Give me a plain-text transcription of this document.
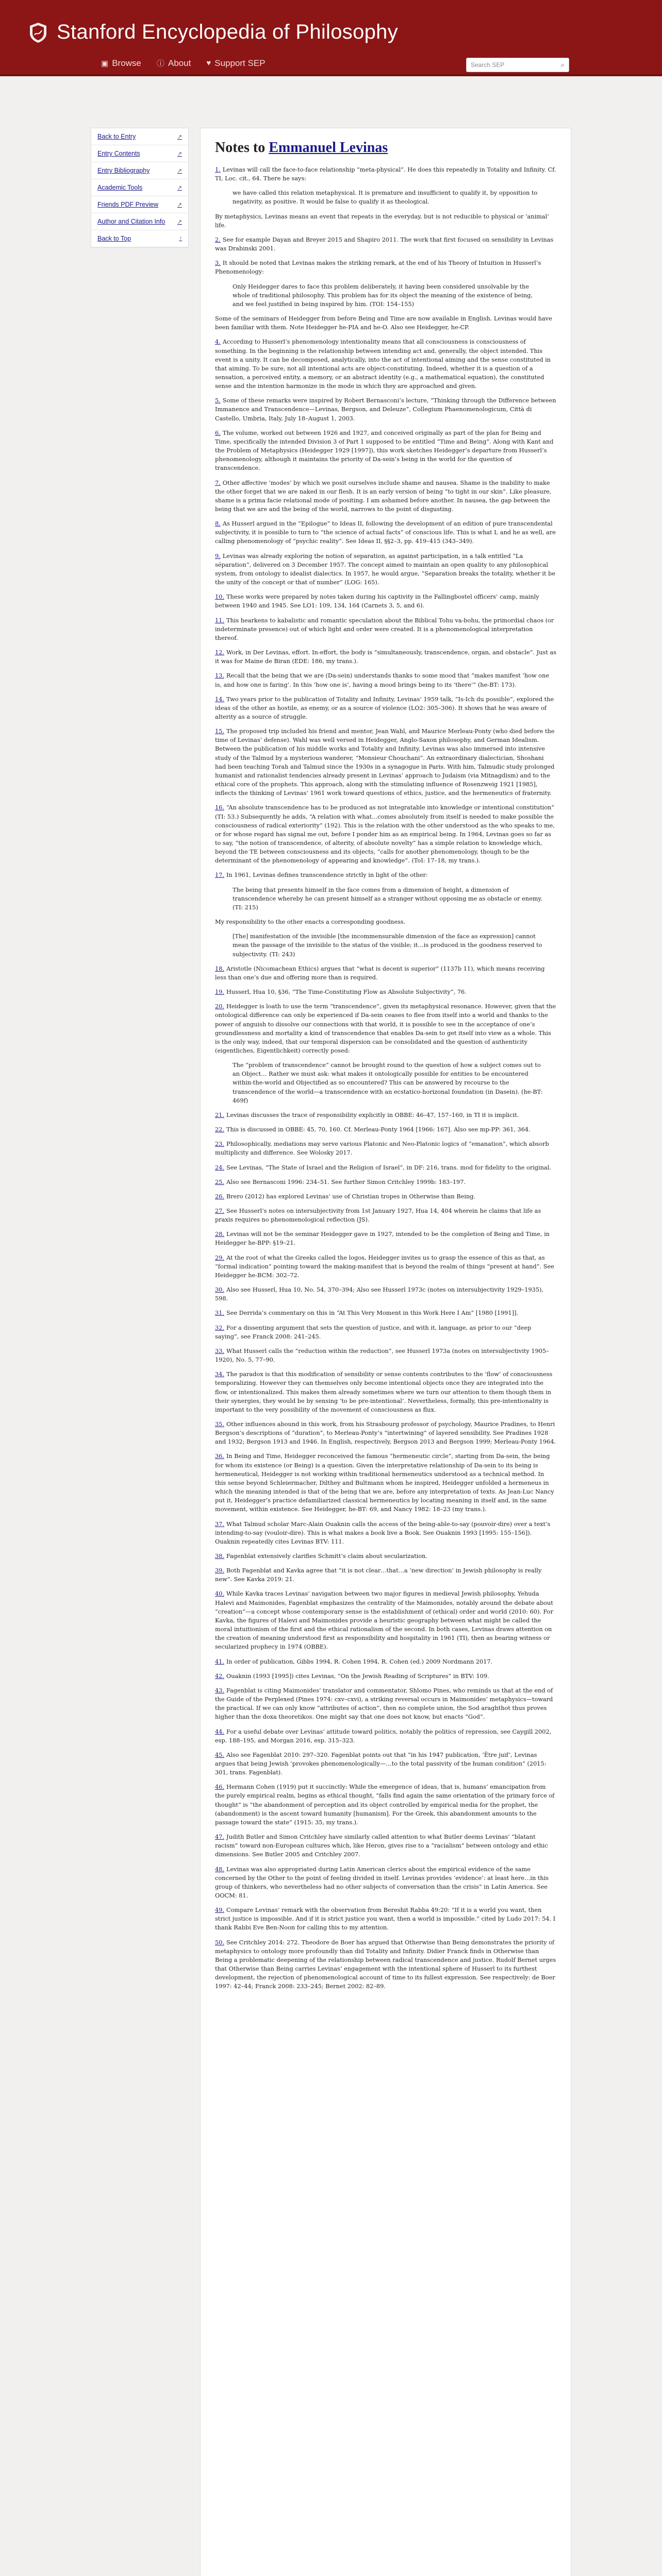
Stanford Encyclopedia of Philosophy
▣ Browse ⓘ About ♥ Support SEP	Search SEP	⌕
Back to Entry	↗
Entry Contents	↗
Entry Bibliography	↗
Academic Tools	↗
Friends PDF Preview	↗
Author and Citation Info ↗
Back to Top	↑
Notes to Emmanuel Levinas

1. Levinas will call the face-to-face relationship “meta-physical”. He does this repeatedly in Totality and Infinity. Cf. TI, Loc. cit., 64. There he says:

we have called this relation metaphysical. It is premature and insufficient to qualify it, by opposition to negativity, as positive. It would be false to qualify it as theological.

By metaphysics, Levinas means an event that repeats in the everyday, but is not reducible to physical or ‘animal’ life.

2. See for example Dayan and Breyer 2015 and Shapiro 2011. The work that first focused on sensibility in Levinas was Drabinski 2001.

3. It should be noted that Levinas makes the striking remark, at the end of his Theory of Intuition in Husserl’s Phenomenology:

Only Heidegger dares to face this problem deliberately, it having been considered unsolvable by the whole of traditional philosophy. This problem has for its object the meaning of the existence of being, and we feel justified in being inspired by him. (TOI: 154–155)

Some of the seminars of Heidegger from before Being and Time are now available in English. Levinas would have been familiar with them. Note Heidegger he-PIA and he-O. Also see Heidegger, he-CP.

4. According to Husserl’s phenomenology intentionality means that all consciousness is consciousness of something. In the beginning is the relationship between intending act and, generally, the object intended. This event is a unity. It can be decomposed, analytically, into the act of intentional aiming and the sense constituted in that aiming. To be sure, not all intentional acts are object-constituting. Indeed, whether it is a question of a sensation, a perceived entity, a memory, or an abstract identity (e.g., a mathematical equation), the constituted sense and the intention harmonize in the mode in which they are approached and given.

5. Some of these remarks were inspired by Robert Bernasconi’s lecture, “Thinking through the Difference between Immanence and Transcendence—Levinas, Bergson, and Deleuze”, Collegium Phaenomenologicum, Città di Castello, Umbria, Italy, July 18–August 1, 2003.

6. The volume, worked out between 1926 and 1927, and conceived originally as part of the plan for Being and Time, specifically the intended Division 3 of Part 1 supposed to be entitled “Time and Being”. Along with Kant and the Problem of Metaphysics (Heidegger 1929 [1997]), this work sketches Heidegger’s departure from Husserl’s phenomenology, although it maintains the priority of Da-sein’s being in the world for the question of transcendence.

7. Other affective ‘modes’ by which we posit ourselves include shame and nausea. Shame is the inability to make the other forget that we are naked in our flesh. It is an early version of being “to tight in our skin”. Like pleasure, shame is a prima facie relational mode of positing. I am ashamed before another. In nausea, the gap between the being that we are and the being of the world, narrows to the point of disgusting.

8. As Husserl argued in the “Epilogue” to Ideas II, following the development of an edition of pure transcendental subjectivity, it is possible to turn to “the science of actual facts” of conscious life. This is what I, and he as well, are calling phenomenology of “psychic reality”. See Ideas II, §§2–3, pp. 419–415 (343–349).

9. Levinas was already exploring the notion of separation, as against participation, in a talk entitled “La séparation”, delivered on 3 December 1957. The concept aimed to maintain an open quality to any philosophical system, from ontology to idealist dialectics. In 1957, he would argue, “Separation breaks the totality, whether it be the unity of the concept or that of number” (LOG: 165).

10. These works were prepared by notes taken during his captivity in the Fallingbostel officers’ camp, mainly between 1940 and 1945. See LO1: 109, 134, 164 (Carnets 3, 5, and 6).

11. This hearkens to kabalistic and romantic speculation about the Biblical Tohu va-bohu, the primordial chaos (or indeterminate presence) out of which light and order were created. It is a phenomenological interpretation thereof.

12. Work, in Der Levinas, effort. In-effort, the body is “simultaneously, transcendence, organ, and obstacle”. Just as it was for Maine de Biran (EDE: 186, my trans.).

13. Recall that the being that we are (Da-sein) understands thanks to some mood that “makes manifest ‘how one is, and how one is faring’. In this ‘how one is’, having a mood brings being to its ‘there’” (he-BT: 173).

14. Two years prior to the publication of Totality and Infinity, Levinas’ 1959 talk, “Is-Ich du possible”, explored the ideas of the other as hostile, as enemy, or as a source of violence (LO2: 305–306). It shows that he was aware of alterity as a source of struggle.

15. The proposed trip included his friend and mentor, Jean Wahl, and Maurice Merleau-Ponty (who died before the time of Levinas’ defense). Wahl was well versed in Heidegger, Anglo-Saxon philosophy, and German Idealism. Between the publication of his middle works and Totality and Infinity, Levinas was also immersed into intensive study of the Talmud by a mysterious wanderer, “Monsieur Chouchani”. An extraordinary dialectician, Shoshani had been teaching Torah and Talmud since the 1930s in a synagogue in Paris. With him, Talmudic study prolonged humanist and rationalist tendencies already present in Levinas’ approach to Judaism (via Mitnagdism) and to the ethical core of the prophets. This approach, along with the stimulating influence of Rosenzweig 1921 [1985], inflects the thinking of Levinas’ 1961 work toward questions of ethics, justice, and the hermeneutics of fraternity.

16. “An absolute transcendence has to be produced as not integratable into knowledge or intentional constitution” (TI: 53.) Subsequently he adds, “A relation with what…comes absolutely from itself is needed to make possible the consciousness of radical exteriority” (192). This is the relation with the other understood as the who speaks to me, or for whose regard has signal me out, before I ponder him as an empirical being. In 1964, Levinas goes so far as to say, “the notion of transcendence, of alterity, of absolute novelty” has a simple relation to knowledge which, beyond the TE between consciousness and its objects, “calls for another phenomenology, though to be the determinant of the phenomenology of appearing and knowledge”. (ToI: 17–18, my trans.).

17. In 1961, Levinas defines transcendence strictly in light of the other:

The being that presents himself in the face comes from a dimension of height, a dimension of transcendence whereby he can present himself as a stranger without opposing me as obstacle or enemy. (TI: 215)

My responsibility to the other enacts a corresponding goodness.

[The] manifestation of the invisible [the incommensurable dimension of the face as expression] cannot mean the passage of the invisible to the status of the visible; it…is produced in the goodness reserved to subjectivity. (TI: 243)

18. Aristotle (Nicomachean Ethics) argues that “what is decent is superior” (1137b 11), which means receiving less than one’s due and offering more than is required.

19. Husserl, Hua 10, §36, “The Time-Constituting Flow as Absolute Subjectivity”, 76.

20. Heidegger is loath to use the term “transcendence”, given its metaphysical resonance. However, given that the ontological difference can only be experienced if Da-sein ceases to flee from itself into a world and thanks to the power of anguish to dissolve our connections with that world, it is possible to see in the acceptance of one’s groundlessness and mortality a kind of transcendence that enables Da-sein to get itself into view as a whole. This is the only way, indeed, that our temporal dispersion can be consolidated and the question of authenticity (eigentliches, Eigentlichkeit) correctly posed:

The “problem of transcendence” cannot be brought round to the question of how a subject comes out to an Object… Rather we must ask: what makes it ontologically possible for entities to be encountered within-the-world and Objectified as so encountered? This can be answered by recourse to the transcendence of the world—a transcendence with an ecstatico-horizonal foundation (in Dasein). (he-BT: 469f)

21. Levinas discusses the trace of responsibility explicitly in OBBE: 46–47, 157–160, in TI it is implicit.

22. This is discussed in OBBE: 45, 70, 160. Cf. Merleau-Ponty 1964 [1966: 167]. Also see mp-PP: 361, 364.

23. Philosophically, mediations may serve various Platonic and Neo-Platonic logics of “emanation”, which absorb multiplicity and difference. See Wolosky 2017.

24. See Levinas, “The State of Israel and the Religion of Israel”, in DF: 216, trans. mod for fidelity to the original.

25. Also see Bernasconi 1996: 234–51. See further Simon Critchley 1999b: 183–197.

26. Brero (2012) has explored Levinas’ use of Christian tropes in Otherwise than Being.

27. See Husserl’s notes on intersubjectivity from 1st January 1927, Hua 14, 404 wherein he claims that life as praxis requires no phenomenological reflection (JS).

28. Levinas will not be the seminar Heidegger gave in 1927, intended to be the completion of Being and Time, in Heidegger he-BPP: §19–21.

29. At the root of what the Greeks called the logos, Heidegger invites us to grasp the essence of this as that, as “formal indication” pointing toward the making-manifest that is beyond the realm of things “present at hand”. See Heidegger he-BCM: 302–72.

30. Also see Husserl, Hua 10, No. 54, 370–394; Also see Husserl 1973c (notes on intersubjectivity 1929–1935), 598.

31. See Derrida’s commentary on this in “At This Very Moment in this Work Here I Am” [1980 [1991]].

32. For a dissenting argument that sets the question of justice, and with it, language, as prior to our “deep saying”, see Franck 2008: 241–245.

33. What Husserl calls the “reduction within the reduction”, see Husserl 1973a (notes on intersubjectivity 1905–1920), No. 5, 77–90.

34. The paradox is that this modification of sensibility or sense contents contributes to the ‘flow’ of consciousness temporalizing. However they can themselves only become intentional objects once they are integrated into the flow, or intentionalized. This makes them already sometimes where we turn our attention to them though them in their synergies, they would be by sensing ‘to be pre-intentional’. Nevertheless, formally, this pre-intentionality is important to the very possibility of the movement of consciousness as flux.

35. Other influences abound in this work, from his Strasbourg professor of psychology, Maurice Pradines, to Henri Bergson’s descriptions of “duration”, to Merleau-Ponty’s “intertwining” of layered sensibility. See Pradines 1928 and 1932; Bergson 1913 and 1946. In English, respectively, Bergson 2013 and Bergson 1999; Merleau-Ponty 1964.

36. In Being and Time, Heidegger reconceived the famous “hermeneutic circle”, starting from Da-sein, the being for whom its existence (or Being) is a question. Given the interpretative relationship of Da-sein to its being is hermeneutical, Heidegger is not working within traditional hermeneutics understood as a technical method. In this sense beyond Schleiermacher, Dilthey and Bultmann whom he inspired, Heidegger unfolded a hermeneus in which the meaning intended is that of the being that we are, before any interpretation of texts. As Jean-Luc Nancy put it, Heidegger’s practice defamiliarized classical hermeneutics by locating meaning in itself and, in the same movement, within existence. See Heidegger, he-BT: 69, and Nancy 1982: 18–23 (my trans.).

37. What Talmud scholar Marc-Alain Ouaknin calls the access of the being-able-to-say (pouvoir-dire) over a text’s intending-to-say (vouloir-dire). This is what makes a book live a Book. See Ouaknin 1993 [1995: 155–156]). Ouaknin repeatedly cites Levinas BTV: 111.

38. Fagenblat extensively clarifies Schmitt’s claim about secularization.

39. Both Fagenblat and Kavka agree that “it is not clear…that…a ‘new direction’ in Jewish philosophy is really new”. See Kavka 2019: 21.

40. While Kavka traces Levinas’ navigation between two major figures in medieval Jewish philosophy, Yehuda Halevi and Maimonides, Fagenblat emphasizes the centrality of the Maimonides, notably around the debate about “creation”—a concept whose contemporary sense is the establishment of (ethical) order and world (2010: 60). For Kavka, the figures of Halevi and Maimonides provide a heuristic geography between what might be called the moral intuitionism of the first and the ethical rationalism of the second. In both cases, Levinas draws attention on the creation of meaning understood first as responsibility and hospitality in 1961 (TI), then as bearing witness or secularized prophecy in 1974 (OBBE).

41. In order of publication, Gibbs 1994, R. Cohen 1994, R. Cohen (ed.) 2009 Nordmann 2017.

42. Ouaknin (1993 [1995]) cites Levinas, “On the Jewish Reading of Scriptures” in BTV: 109.

43. Fagenblat is citing Maimonides’ translator and commentator, Shlomo Pines, who reminds us that at the end of the Guide of the Perplexed (Pines 1974: cxv–cxvi), a striking reversal occurs in Maimonides’ metaphysics—toward the practical. If we can only know “attributes of action”, then no complete union, the Sod araghthot thus proves higher than the doxa theoretikos. One might say that one does not know, but enacts “God”.

44. For a useful debate over Levinas’ attitude toward politics, notably the politics of repression, see Caygill 2002, esp. 188–195, and Morgan 2016, esp. 315–323.

45. Also see Fagenblat 2010: 297–320. Fagenblat points out that “in his 1947 publication, ‘Être juif’, Levinas argues that being Jewish ‘provokes phenomenologically—…to the total passivity of the human condition” (2015: 301, trans. Fagenblat).

46. Hermann Cohen (1919) put it succinctly: While the emergence of ideas, that is, humans’ emancipation from the purely empirical realm, begins as ethical thought, “falls find again the same orientation of the primary force of thought” is “the abandonment of perception and its object controlled by empirical media for the prophet, the (abandonment) is the ascent toward humanity [humanism]. For the Greek, this abandonment amounts to the passage toward the state” (1915: 35, my trans.).

47. Judith Butler and Simon Critchley have similarly called attention to what Butler deems Levinas’ “blatant racism” toward non-European cultures which, like Heron, gives rise to a “racialism” between ontology and ethic dimensions. See Butler 2005 and Critchley 2007.

48. Levinas was also appropriated during Latin American clerics about the empirical evidence of the same concerned by the Other to the point of feeling divided in itself. Levinas provides ‘evidence’: at least here…in this group of thinkers, who nevertheless had no other subjects of conversation than the crisis” in Latin America. See OOCM: 81.

49. Compare Levinas’ remark with the observation from Bereshit Rabba 49:20: “If it is a world you want, then strict justice is impossible. And if it is strict justice you want, then a world is impossible.” cited by Ludo 2017: 54. I thank Rabbi Eve Ben-Noon for calling this to my attention.

50. See Critchley 2014: 272. Theodore de Boer has argued that Otherwise than Being demonstrates the priority of metaphysics to ontology more profoundly than did Totality and Infinity. Didier Franck finds in Otherwise than Being a problematic deepening of the relationship between radical transcendence and justice. Rudolf Bernet urges that Otherwise than Being carries Levinas’ engagement with the intentional sphere of Husserl to its furthest development, the rejection of phenomenological account of time to its fullest expression. See respectively: de Boer 1997: 42–44; Franck 2008: 233–245; Bernet 2002: 82–89.
